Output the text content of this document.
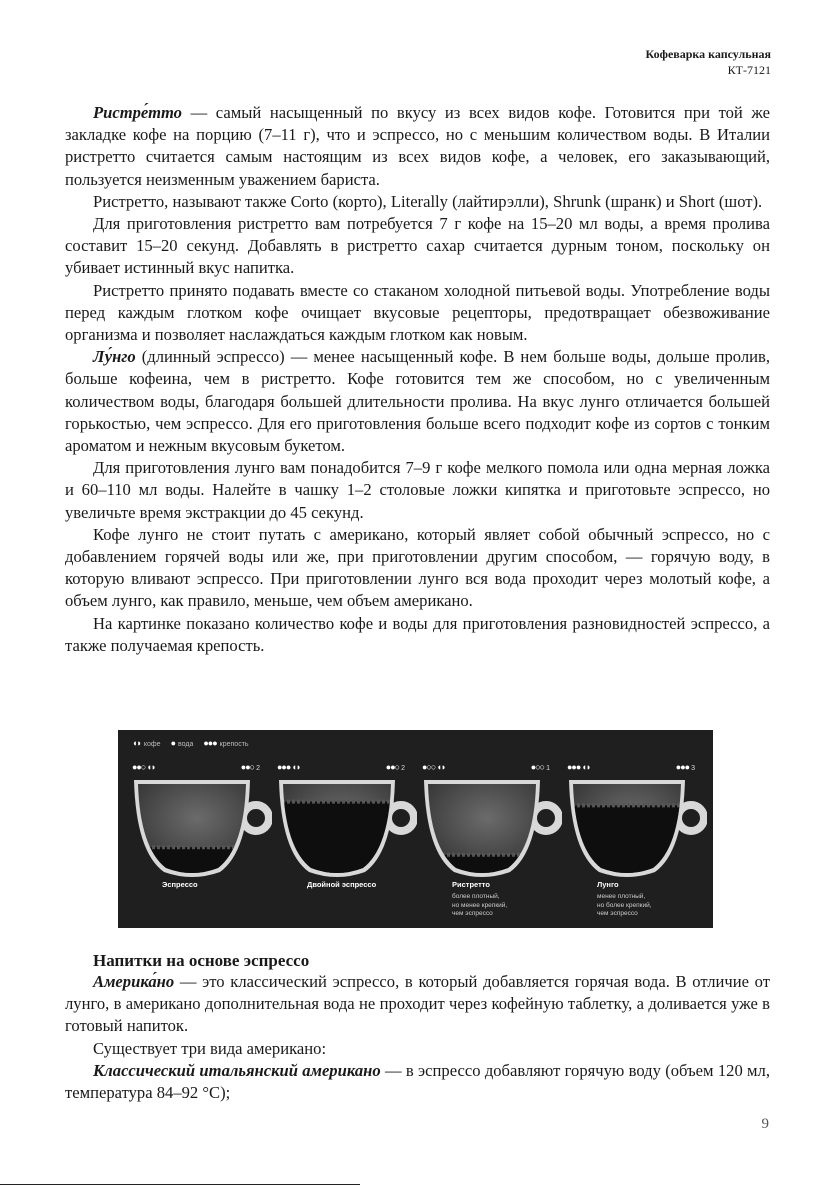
Кофеварка капсульная
КТ-7121

Ристре́тто — самый насыщенный по вкусу из всех видов кофе. Готовится при той же закладке кофе на порцию (7–11 г), что и эспрессо, но с меньшим количеством воды. В Италии ристретто считается самым настоящим из всех видов кофе, а человек, его заказывающий, пользуется неизменным уважением бариста.

Ристретто, называют также Corto (корто), Literally (лайтирэлли), Shrunk (шранк) и Short (шот).

Для приготовления ристретто вам потребуется 7 г кофе на 15–20 мл воды, а время пролива составит 15–20 секунд. Добавлять в ристретто сахар считается дурным тоном, поскольку он убивает истинный вкус напитка.

Ристретто принято подавать вместе со стаканом холодной питьевой воды. Употребление воды перед каждым глотком кофе очищает вкусовые рецепторы, предотвращает обезвоживание организма и позволяет наслаждаться каждым глотком как новым.

Лу́нго (длинный эспрессо) — менее насыщенный кофе. В нем больше воды, дольше пролив, больше кофеина, чем в ристретто. Кофе готовится тем же способом, но с увеличенным количеством воды, благодаря большей длительности пролива. На вкус лунго отличается большей горькостью, чем эспрессо. Для его приготовления больше всего подходит кофе из сортов с тонким ароматом и нежным вкусовым букетом.

Для приготовления лунго вам понадобится 7–9 г кофе мелкого помола или одна мерная ложка и 60–110 мл воды. Налейте в чашку 1–2 столовые ложки кипятка и приготовьте эспрессо, но увеличьте время экстракции до 45 секунд.

Кофе лунго не стоит путать с американо, который являет собой обычный эспрессо, но с добавлением горячей воды или же, при приготовлении другим способом, — горячую воду, в которую вливают эспрессо. При приготовлении лунго вся вода проходит через молотый кофе, а объем лунго, как правило, меньше, чем объем американо.

На картинке показано количество кофе и воды для приготовления разновидностей эспрессо, а также получаемая крепость.

◖◗ кофе ● вода ●●● крепость
●●○◖◗	●●○ 2
Эспрессо
●●●◖◗	●●○ 2
Двойной эспрессо
●○○◖◗	●○○ 1
Ристретто
более плотный,
но менее крепкий,
чем эспрессо
●●●◖◗	●●● 3
Лунго
менее плотный,
но более крепкий,
чем эспрессо
Напитки на основе эспрессо

Америка́но — это классический эспрессо, в который добавляется горячая вода. В отличие от лунго, в американо дополнительная вода не проходит через кофейную таблетку, а доливается уже в готовый напиток.

Существует три вида американо:

Классический итальянский американо — в эспрессо добавляют горячую воду (объем 120 мл, температура 84–92 °C);

9
